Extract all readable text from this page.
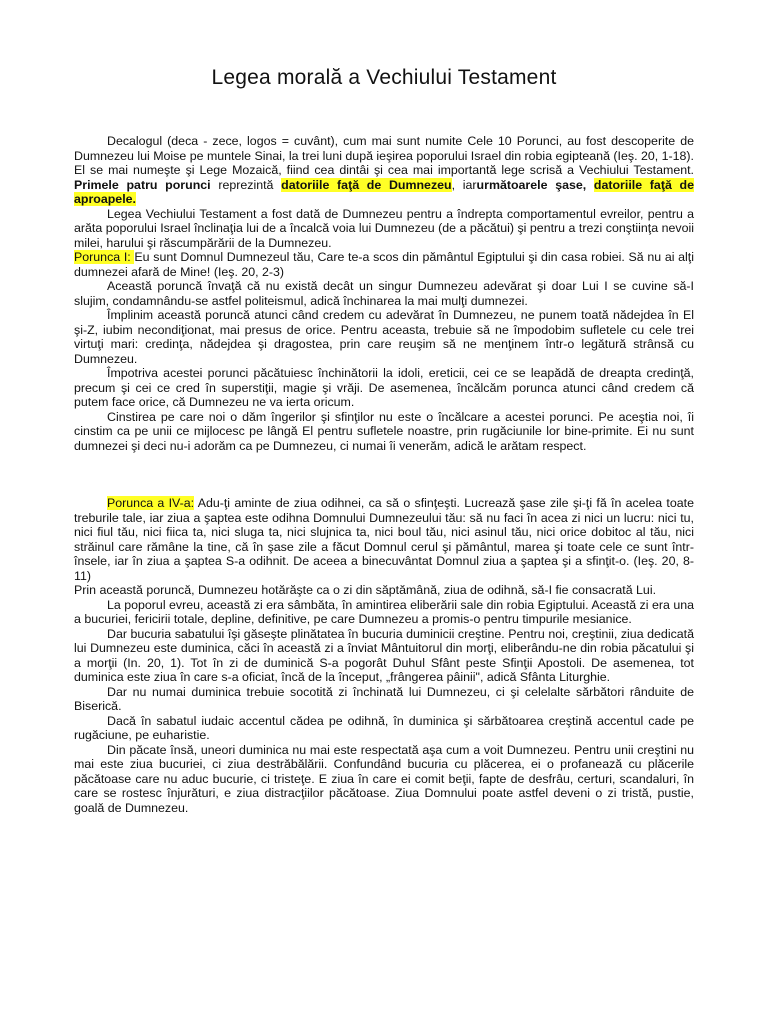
Legea morală a Vechiului Testament

Decalogul (deca - zece, logos = cuvânt), cum mai sunt numite Cele 10 Porunci, au fost descoperite de Dumnezeu lui Moise pe muntele Sinai, la trei luni după ieşirea poporului Israel din robia egipteană (Ieş. 20, 1-18). El se mai numeşte şi Lege Mozaică, fiind cea dintâi şi cea mai importantă lege scrisă a Vechiului Testament. Primele patru porunci reprezintă datoriile faţă de Dumnezeu, iarurmătoarele şase, datoriile faţă de aproapele.

Legea Vechiului Testament a fost dată de Dumnezeu pentru a îndrepta comportamentul evreilor, pentru a arăta poporului Israel înclinaţia lui de a încalcă voia lui Dumnezeu (de a păcătui) şi pentru a trezi conştiinţa nevoii milei, harului şi răscumpărării de la Dumnezeu.

Porunca I: Eu sunt Domnul Dumnezeul tău, Care te-a scos din pământul Egiptului şi din casa robiei. Să nu ai alţi dumnezei afară de Mine! (Ieş. 20, 2-3)

Această poruncă învaţă că nu există decât un singur Dumnezeu adevărat şi doar Lui I se cuvine să-I slujim, condamnându-se astfel politeismul, adică închinarea la mai mulţi dumnezei.

Împlinim această poruncă atunci când credem cu adevărat în Dumnezeu, ne punem toată nădejdea în El şi-Z, iubim necondiţionat, mai presus de orice. Pentru aceasta, trebuie să ne împodobim sufletele cu cele trei virtuţi mari: credinţa, nădejdea şi dragostea, prin care reuşim să ne menţinem într-o legătură strânsă cu Dumnezeu.

Împotriva acestei porunci păcătuiesc închinătorii la idoli, ereticii, cei ce se leapădă de dreapta credinţă, precum şi cei ce cred în superstiţii, magie şi vrăji. De asemenea, încălcăm porunca atunci când credem că putem face orice, că Dumnezeu ne va ierta oricum.

Cinstirea pe care noi o dăm îngerilor şi sfinţilor nu este o încălcare a acestei porunci. Pe aceştia noi, îi cinstim ca pe unii ce mijlocesc pe lângă El pentru sufletele noastre, prin rugăciunile lor bine-primite. Ei nu sunt dumnezei şi deci nu-i adorăm ca pe Dumnezeu, ci numai îi venerăm, adică le arătam respect.

Porunca a IV-a: Adu-ţi aminte de ziua odihnei, ca să o sfinţeşti. Lucrează şase zile şi-ţi fă în acelea toate treburile tale, iar ziua a şaptea este odihna Domnului Dumnezeului tău: să nu faci în acea zi nici un lucru: nici tu, nici fiul tău, nici fiica ta, nici sluga ta, nici slujnica ta, nici boul tău, nici asinul tău, nici orice dobitoc al tău, nici străinul care rămâne la tine, că în şase zile a făcut Domnul cerul şi pământul, marea şi toate cele ce sunt într-însele, iar în ziua a şaptea S-a odihnit. De aceea a binecuvântat Domnul ziua a şaptea şi a sfinţit-o. (Ieş. 20, 8-11)

Prin această poruncă, Dumnezeu hotărăşte ca o zi din săptămână, ziua de odihnă, să-I fie consacrată Lui.

La poporul evreu, această zi era sâmbăta, în amintirea eliberării sale din robia Egiptului. Această zi era una a bucuriei, fericirii totale, depline, definitive, pe care Dumnezeu a promis-o pentru timpurile mesianice.

Dar bucuria sabatului îşi găseşte plinătatea în bucuria duminicii creştine. Pentru noi, creştinii, ziua dedicată lui Dumnezeu este duminica, căci în această zi a înviat Mântuitorul din morţi, eliberându-ne din robia păcatului şi a morţii (In. 20, 1). Tot în zi de duminică S-a pogorât Duhul Sfânt peste Sfinţii Apostoli. De asemenea, tot duminica este ziua în care s-a oficiat, încă de la început, „frângerea pâinii", adică Sfânta Liturghie.

Dar nu numai duminica trebuie socotită zi închinată lui Dumnezeu, ci şi celelalte sărbători rânduite de Biserică.

Dacă în sabatul iudaic accentul cădea pe odihnă, în duminica şi sărbătoarea creştină accentul cade pe rugăciune, pe euharistie.

Din păcate însă, uneori duminica nu mai este respectată aşa cum a voit Dumnezeu. Pentru unii creştini nu mai este ziua bucuriei, ci ziua destrăbălării. Confundând bucuria cu plăcerea, ei o profanează cu plăcerile păcătoase care nu aduc bucurie, ci tristeţe. E ziua în care ei comit beţii, fapte de desfrâu, certuri, scandaluri, în care se rostesc înjurături, e ziua distracţiilor păcătoase. Ziua Domnului poate astfel deveni o zi tristă, pustie, goală de Dumnezeu.
